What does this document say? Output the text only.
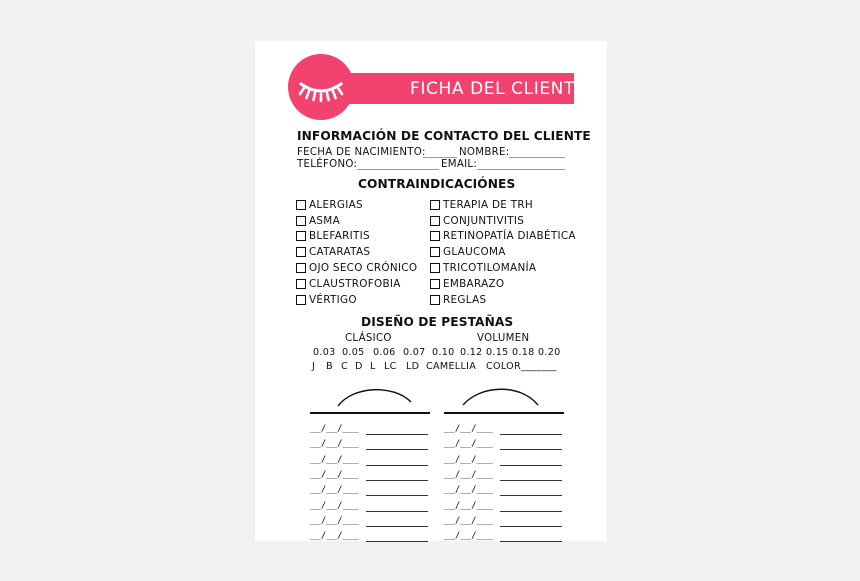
FICHA DEL CLIENTE
INFORMACIÓN DE CONTACTO DEL CLIENTE
FECHA DE NACIMIENTO:	NOMBRE:
TELÉFONO:	EMAIL:
CONTRAINDICACIÓNES
ALERGIAS
ASMA
BLEFARITIS
CATARATAS
OJO SECO CRÓNICO
CLAUSTROFOBIA
VÉRTIGO
TERAPIA DE TRH
CONJUNTIVITIS
RETINOPATÍA DIABÉTICA
GLAUCOMA
TRICOTILOMANÍA
EMBARAZO
REGLAS
DISEÑO DE PESTAÑAS
CLÁSICO	VOLUMEN
0.03 0.05 0.06 0.07 0.10 0.12 0.15 0.18 0.20
J B C D L LC LD CAMELLIA COLOR_______
__/__/___	__/__/___
__/__/___	__/__/___
__/__/___	__/__/___
__/__/___	__/__/___
__/__/___	__/__/___
__/__/___	__/__/___
__/__/___	__/__/___
__/__/___	__/__/___
